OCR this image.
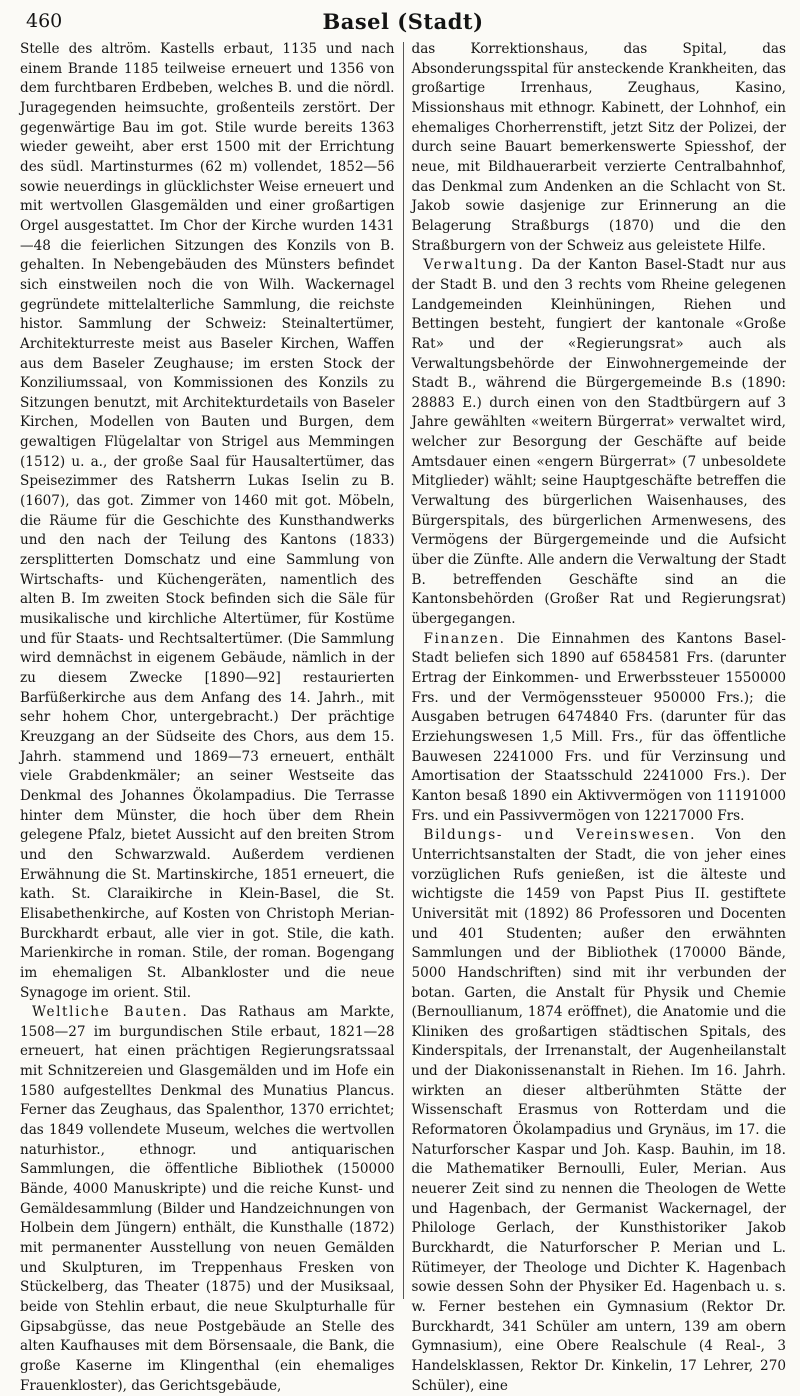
460	Basel (Stadt)

Stelle des altröm. Kastells erbaut, 1135 und nach einem Brande 1185 teilweise erneuert und 1356 von dem furchtbaren Erdbeben, welches B. und die nördl. Juragegenden heimsuchte, großenteils zerstört. Der gegenwärtige Bau im got. Stile wurde bereits 1363 wieder geweiht, aber erst 1500 mit der Errichtung des südl. Martinsturmes (62 m) vollendet, 1852—56 sowie neuerdings in glücklichster Weise erneuert und mit wertvollen Glasgemälden und einer großartigen Orgel ausgestattet. Im Chor der Kirche wurden 1431—48 die feierlichen Sitzungen des Konzils von B. gehalten. In Nebengebäuden des Münsters befindet sich einstweilen noch die von Wilh. Wackernagel gegründete mittelalterliche Sammlung, die reichste histor. Sammlung der Schweiz: Steinaltertümer, Architekturreste meist aus Baseler Kirchen, Waffen aus dem Baseler Zeughause; im ersten Stock der Konziliumssaal, von Kommissionen des Konzils zu Sitzungen benutzt, mit Architekturdetails von Baseler Kirchen, Modellen von Bauten und Burgen, dem gewaltigen Flügelaltar von Strigel aus Memmingen (1512) u. a., der große Saal für Hausaltertümer, das Speisezimmer des Ratsherrn Lukas Iselin zu B. (1607), das got. Zimmer von 1460 mit got. Möbeln, die Räume für die Geschichte des Kunsthandwerks und den nach der Teilung des Kantons (1833) zersplitterten Domschatz und eine Sammlung von Wirtschafts- und Küchengeräten, namentlich des alten B. Im zweiten Stock befinden sich die Säle für musikalische und kirchliche Altertümer, für Kostüme und für Staats- und Rechtsaltertümer. (Die Sammlung wird demnächst in eigenem Gebäude, nämlich in der zu diesem Zwecke [1890—92] restaurierten Barfüßerkirche aus dem Anfang des 14. Jahrh., mit sehr hohem Chor, untergebracht.) Der prächtige Kreuzgang an der Südseite des Chors, aus dem 15. Jahrh. stammend und 1869—73 erneuert, enthält viele Grabdenkmäler; an seiner Westseite das Denkmal des Johannes Ökolampadius. Die Terrasse hinter dem Münster, die hoch über dem Rhein gelegene Pfalz, bietet Aussicht auf den breiten Strom und den Schwarzwald. Außerdem verdienen Erwähnung die St. Martinskirche, 1851 erneuert, die kath. St. Claraikirche in Klein-Basel, die St. Elisabethenkirche, auf Kosten von Christoph Merian-Burckhardt erbaut, alle vier in got. Stile, die kath. Marienkirche in roman. Stile, der roman. Bogengang im ehemaligen St. Albankloster und die neue Synagoge im orient. Stil.

Weltliche Bauten. Das Rathaus am Markte, 1508—27 im burgundischen Stile erbaut, 1821—28 erneuert, hat einen prächtigen Regierungsratssaal mit Schnitzereien und Glasgemälden und im Hofe ein 1580 aufgestelltes Denkmal des Munatius Plancus. Ferner das Zeughaus, das Spalenthor, 1370 errichtet; das 1849 vollendete Museum, welches die wertvollen naturhistor., ethnogr. und antiquarischen Sammlungen, die öffentliche Bibliothek (150000 Bände, 4000 Manuskripte) und die reiche Kunst- und Gemäldesammlung (Bilder und Handzeichnungen von Holbein dem Jüngern) enthält, die Kunsthalle (1872) mit permanenter Ausstellung von neuen Gemälden und Skulpturen, im Treppenhaus Fresken von Stückelberg, das Theater (1875) und der Musiksaal, beide von Stehlin erbaut, die neue Skulpturhalle für Gipsabgüsse, das neue Postgebäude an Stelle des alten Kaufhauses mit dem Börsensaale, die Bank, die große Kaserne im Klingenthal (ein ehemaliges Frauenkloster), das Gerichtsgebäude,

das Korrektionshaus, das Spital, das Absonderungsspital für ansteckende Krankheiten, das großartige Irrenhaus, Zeughaus, Kasino, Missionshaus mit ethnogr. Kabinett, der Lohnhof, ein ehemaliges Chorherrenstift, jetzt Sitz der Polizei, der durch seine Bauart bemerkenswerte Spiesshof, der neue, mit Bildhauerarbeit verzierte Centralbahnhof, das Denkmal zum Andenken an die Schlacht von St. Jakob sowie dasjenige zur Erinnerung an die Belagerung Straßburgs (1870) und die den Straßburgern von der Schweiz aus geleistete Hilfe.

Verwaltung. Da der Kanton Basel-Stadt nur aus der Stadt B. und den 3 rechts vom Rheine gelegenen Landgemeinden Kleinhüningen, Riehen und Bettingen besteht, fungiert der kantonale «Große Rat» und der «Regierungsrat» auch als Verwaltungsbehörde der Einwohnergemeinde der Stadt B., während die Bürgergemeinde B.s (1890: 28883 E.) durch einen von den Stadtbürgern auf 3 Jahre gewählten «weitern Bürgerrat» verwaltet wird, welcher zur Besorgung der Geschäfte auf beide Amtsdauer einen «engern Bürgerrat» (7 unbesoldete Mitglieder) wählt; seine Hauptgeschäfte betreffen die Verwaltung des bürgerlichen Waisenhauses, des Bürgerspitals, des bürgerlichen Armenwesens, des Vermögens der Bürgergemeinde und die Aufsicht über die Zünfte. Alle andern die Verwaltung der Stadt B. betreffenden Geschäfte sind an die Kantonsbehörden (Großer Rat und Regierungsrat) übergegangen.

Finanzen. Die Einnahmen des Kantons Basel-Stadt beliefen sich 1890 auf 6584581 Frs. (darunter Ertrag der Einkommen- und Erwerbssteuer 1550000 Frs. und der Vermögenssteuer 950000 Frs.); die Ausgaben betrugen 6474840 Frs. (darunter für das Erziehungswesen 1,5 Mill. Frs., für das öffentliche Bauwesen 2241000 Frs. und für Verzinsung und Amortisation der Staatsschuld 2241000 Frs.). Der Kanton besaß 1890 ein Aktivvermögen von 11191000 Frs. und ein Passivvermögen von 12217000 Frs.

Bildungs- und Vereinswesen. Von den Unterrichtsanstalten der Stadt, die von jeher eines vorzüglichen Rufs genießen, ist die älteste und wichtigste die 1459 von Papst Pius II. gestiftete Universität mit (1892) 86 Professoren und Docenten und 401 Studenten; außer den erwähnten Sammlungen und der Bibliothek (170000 Bände, 5000 Handschriften) sind mit ihr verbunden der botan. Garten, die Anstalt für Physik und Chemie (Bernoullianum, 1874 eröffnet), die Anatomie und die Kliniken des großartigen städtischen Spitals, des Kinderspitals, der Irrenanstalt, der Augenheilanstalt und der Diakonissenanstalt in Riehen. Im 16. Jahrh. wirkten an dieser altberühmten Stätte der Wissenschaft Erasmus von Rotterdam und die Reformatoren Ökolampadius und Grynäus, im 17. die Naturforscher Kaspar und Joh. Kasp. Bauhin, im 18. die Mathematiker Bernoulli, Euler, Merian. Aus neuerer Zeit sind zu nennen die Theologen de Wette und Hagenbach, der Germanist Wackernagel, der Philologe Gerlach, der Kunsthistoriker Jakob Burckhardt, die Naturforscher P. Merian und L. Rütimeyer, der Theologe und Dichter K. Hagenbach sowie dessen Sohn der Physiker Ed. Hagenbach u. s. w. Ferner bestehen ein Gymnasium (Rektor Dr. Burckhardt, 341 Schüler am untern, 139 am obern Gymnasium), eine Obere Realschule (4 Real-, 3 Handelsklassen, Rektor Dr. Kinkelin, 17 Lehrer, 270 Schüler), eine
